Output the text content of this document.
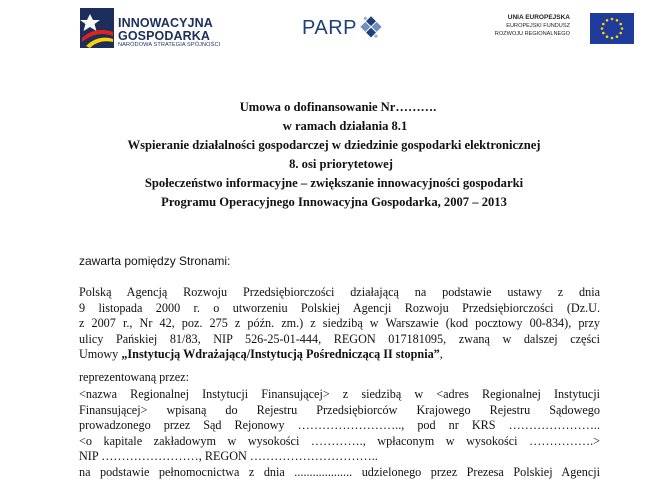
INNOWACYJNA
GOSPODARKA
NARODOWA STRATEGIA SPÓJNOŚCI
PARP	UNIA EUROPEJSKA
EUROPEJSKI FUNDUSZ
ROZWOJU REGIONALNEGO
Umowa o dofinansowanie Nr……….
w ramach działania 8.1
Wspieranie działalności gospodarczej w dziedzinie gospodarki elektronicznej
8. osi priorytetowej
Społeczeństwo informacyjne – zwiększanie innowacyjności gospodarki
Programu Operacyjnego Innowacyjna Gospodarka, 2007 – 2013
zawarta pomiędzy Stronami:
Polską Agencją Rozwoju Przedsiębiorczości działającą na podstawie ustawy z dnia
9 listopada 2000 r. o utworzeniu Polskiej Agencji Rozwoju Przedsiębiorczości (Dz.U.
z 2007 r., Nr 42, poz. 275 z późn. zm.) z siedzibą w Warszawie (kod pocztowy 00-834), przy
ulicy Pańskiej 81/83, NIP 526-25-01-444, REGON 017181095, zwaną w dalszej części
Umowy „Instytucją Wdrażającą/Instytucją Pośredniczącą II stopnia”,
reprezentowaną przez:
<nazwa Regionalnej Instytucji Finansującej> z siedzibą w <adres Regionalnej Instytucji
Finansującej> wpisaną do Rejestru Przedsiębiorców Krajowego Rejestru Sądowego
prowadzonego przez Sąd Rejonowy …………………….., pod nr KRS …………………..
<o kapitale zakładowym w wysokości …………., wpłaconym w wysokości …………….>
NIP ……………………, REGON …………………………..
na podstawie pełnomocnictwa z dnia ................... udzielonego przez Prezesa Polskiej Agencji
